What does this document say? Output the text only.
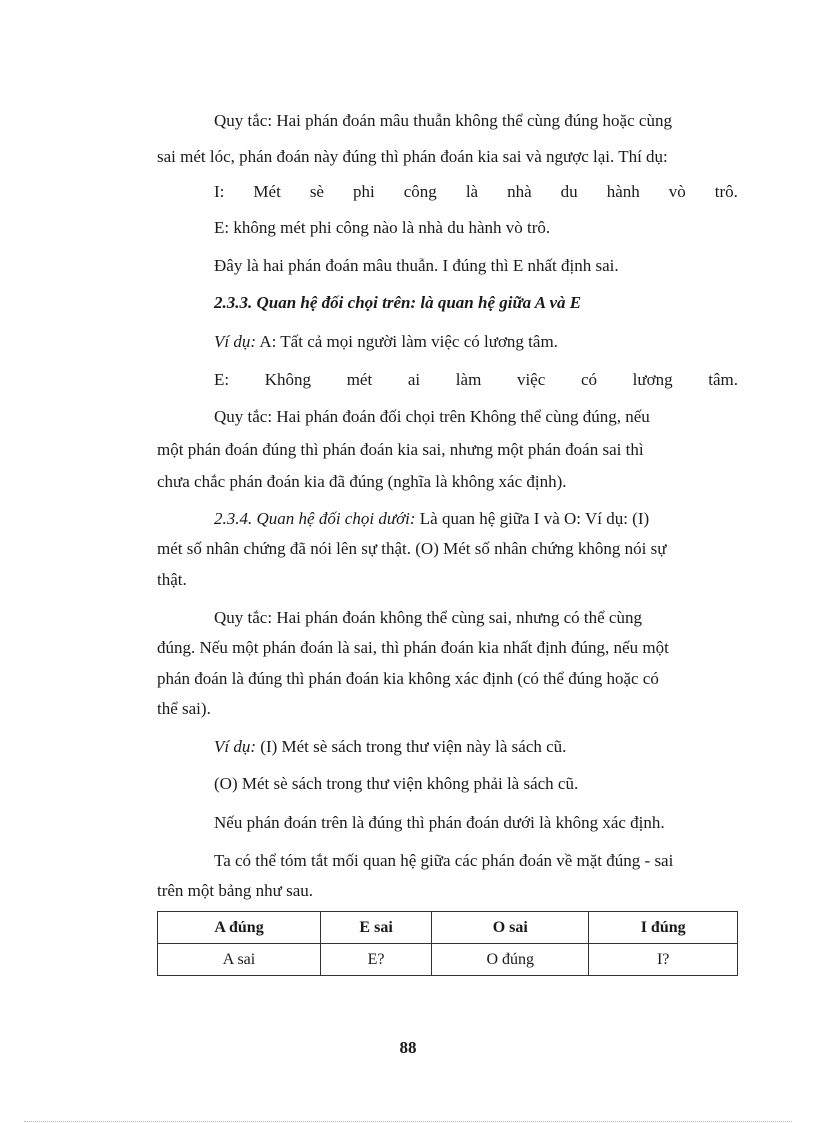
Quy tắc: Hai phán đoán mâu thuẫn không thể cùng đúng hoặc cùng
sai mét lóc, phán đoán này đúng thì phán đoán kia sai và ngược lại. Thí dụ:
I: Mét sè phi công là nhà du hành vò trô.
E: không mét phi công nào là nhà du hành vò trô.
Đây là hai phán đoán mâu thuẫn. I đúng thì E nhất định sai.
2.3.3. Quan hệ đối chọi trên: là quan hệ giữa A và E
Ví dụ: A: Tất cả mọi người làm việc có lương tâm.
E: Không mét ai làm việc có lương tâm.
Quy tắc: Hai phán đoán đối chọi trên Không thể cùng đúng, nếu
một phán đoán đúng thì phán đoán kia sai, nhưng một phán đoán sai thì
chưa chắc phán đoán kia đã đúng (nghĩa là không xác định).
2.3.4. Quan hệ đối chọi dưới: Là quan hệ giữa I và O: Ví dụ: (I)
mét số nhân chứng đã nói lên sự thật. (O) Mét số nhân chứng không nói sự
thật.
Quy tắc: Hai phán đoán không thể cùng sai, nhưng có thể cùng
đúng. Nếu một phán đoán là sai, thì phán đoán kia nhất định đúng, nếu một
phán đoán là đúng thì phán đoán kia không xác định (có thể đúng hoặc có
thể sai).
Ví dụ: (I) Mét sè sách trong thư viện này là sách cũ.
(O) Mét sè sách trong thư viện không phải là sách cũ.
Nếu phán đoán trên là đúng thì phán đoán dưới là không xác định.
Ta có thể tóm tắt mối quan hệ giữa các phán đoán về mặt đúng - sai
trên một bảng như sau.
A đúng	E sai	O sai	I đúng
A sai	E?	O đúng	I?
88
